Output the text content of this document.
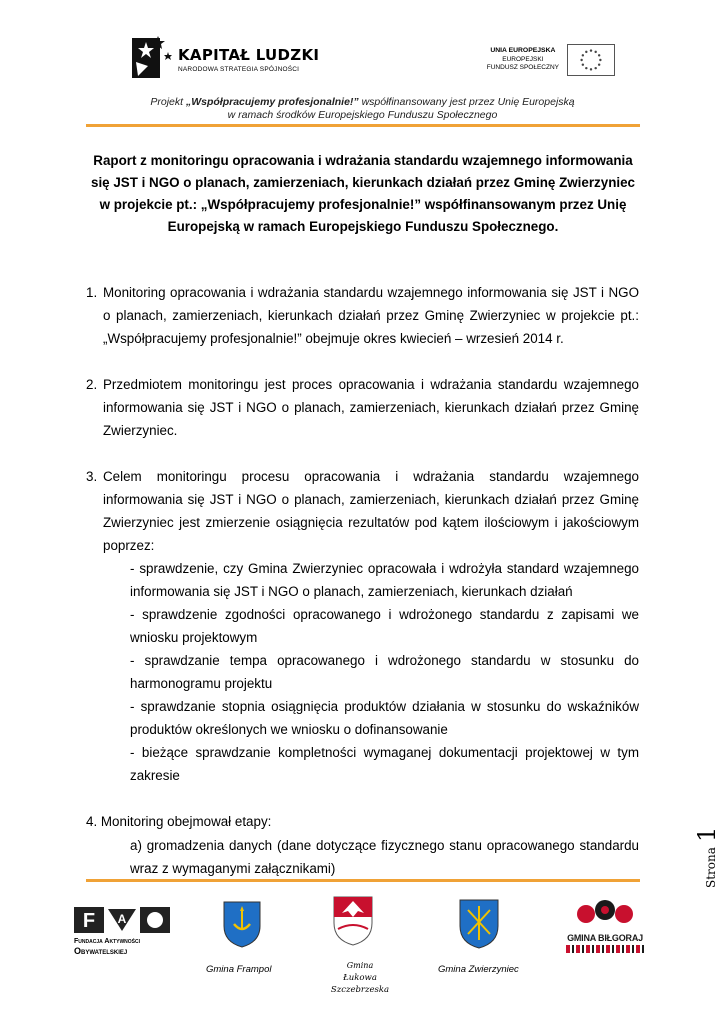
KAPITAŁ LUDZKI
NARODOWA STRATEGIA SPÓJNOŚCI
UNIA EUROPEJSKA
EUROPEJSKI
FUNDUSZ SPOŁECZNY
Projekt „Współpracujemy profesjonalnie!” współfinansowany jest przez Unię Europejską
w ramach środków Europejskiego Funduszu Społecznego
Raport z monitoringu opracowania i wdrażania standardu wzajemnego informowania
się JST i NGO o planach, zamierzeniach, kierunkach działań przez Gminę Zwierzyniec
w projekcie pt.: „Współpracujemy profesjonalnie!” współfinansowanym przez Unię
Europejską w ramach Europejskiego Funduszu Społecznego.
1. Monitoring opracowania i wdrażania standardu wzajemnego informowania się JST i NGO o planach, zamierzeniach, kierunkach działań przez Gminę Zwierzyniec w projekcie pt.: „Współpracujemy profesjonalnie!” obejmuje okres kwiecień – wrzesień 2014 r.
2. Przedmiotem monitoringu jest proces opracowania i wdrażania standardu wzajemnego informowania się JST i NGO o planach, zamierzeniach, kierunkach działań przez Gminę Zwierzyniec.
3. Celem monitoringu procesu opracowania i wdrażania standardu wzajemnego informowania się JST i NGO o planach, zamierzeniach, kierunkach działań przez Gminę Zwierzyniec jest zmierzenie osiągnięcia rezultatów pod kątem ilościowym i jakościowym poprzez:
- sprawdzenie, czy Gmina Zwierzyniec opracowała i wdrożyła standard wzajemnego informowania się JST i NGO o planach, zamierzeniach, kierunkach działań
- sprawdzenie zgodności opracowanego i wdrożonego standardu z zapisami we wniosku projektowym
- sprawdzanie tempa opracowanego i wdrożonego standardu w stosunku do harmonogramu projektu
- sprawdzanie stopnia osiągnięcia produktów działania w stosunku do wskaźników produktów określonych we wniosku o dofinansowanie
- bieżące sprawdzanie kompletności wymaganej dokumentacji projektowej w tym zakresie
4. Monitoring obejmował etapy:
a) gromadzenia danych (dane dotyczące fizycznego stanu opracowanego standardu wraz z wymaganymi załącznikami)	Strona 1
F A
Fundacja Aktywności
Obywatelskiej
Gmina Frampol	Gmina
Łukowa Szczebrzeska
Gmina Zwierzyniec
GMINA BIŁGORAJ
